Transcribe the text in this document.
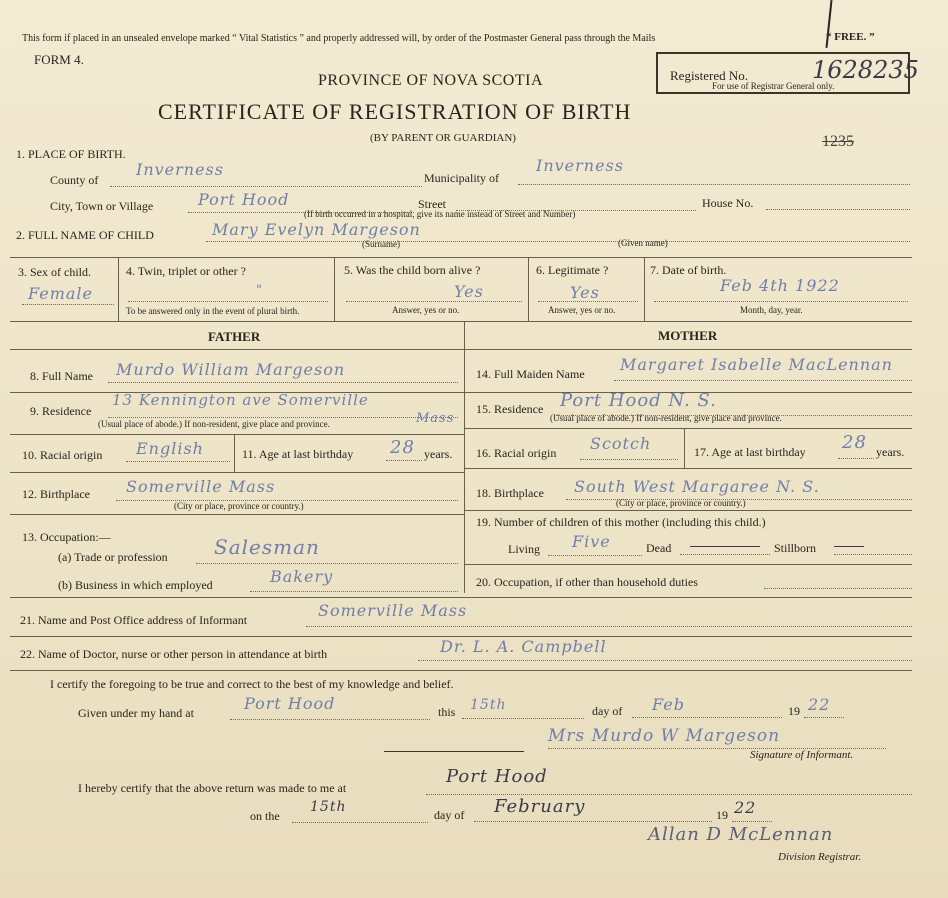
This form if placed in an unsealed envelope marked “ Vital Statistics ” and properly addressed will, by order of the Postmaster General pass through the Mails	“ FREE. ”
FORM 4.
PROVINCE OF NOVA SCOTIA
CERTIFICATE OF REGISTRATION OF BIRTH
(BY PARENT OR GUARDIAN)
Registered No.	1628235
For use of Registrar General only.
1235
1. PLACE OF BIRTH.
County of
Inverness	Municipality of
Inverness
City, Town or Village	Port Hood	Street
(If birth occurred in a hospital, give its name instead of Street and Number)
House No.
2. FULL NAME OF CHILD	Mary Evelyn Margeson
(Surname)	(Given name)
3. Sex of child.
Female
4. Twin, triplet or other ?
"
To be answered only in the event of plural birth.
5. Was the child born alive ?
Yes
Answer, yes or no.
6. Legitimate ?
Yes
Answer, yes or no.
7. Date of birth.
Feb 4th 1922
Month, day, year.
FATHER	MOTHER
8. Full Name Murdo William Margeson
9. Residence
13 Kennington ave Somerville
Mass
(Usual place of abode.) If non-resident, give place and province.
10. Racial origin English	11. Age at last birthday 28 years.
12. Birthplace Somerville Mass
(City or place, province or country.)
13. Occupation:—
(a) Trade or profession Salesman
(b) Business in which employed	Bakery
14. Full Maiden Name Margaret Isabelle MacLennan
15. Residence Port Hood N. S.
(Usual place of abode.) If non-resident, give place and province.
16. Racial origin Scotch	17. Age at last birthday 28 years.
18. Birthplace South West Margaree N. S.
(City or place, province or country.)
19. Number of children of this mother (including this child.)
Living Five	Dead	Stillborn
20. Occupation, if other than household duties
21. Name and Post Office address of Informant	Somerville Mass
22. Name of Doctor, nurse or other person in attendance at birth	Dr. L. A. Campbell
I certify the foregoing to be true and correct to the best of my knowledge and belief.
Given under my hand at	Port Hood	this 15th	day of Feb	19 22
Mrs Murdo W Margeson
Signature of Informant.
I hereby certify that the above return was made to me at
Port Hood
on the
15th	day of February	19 22
Allan D McLennan
Division Registrar.
